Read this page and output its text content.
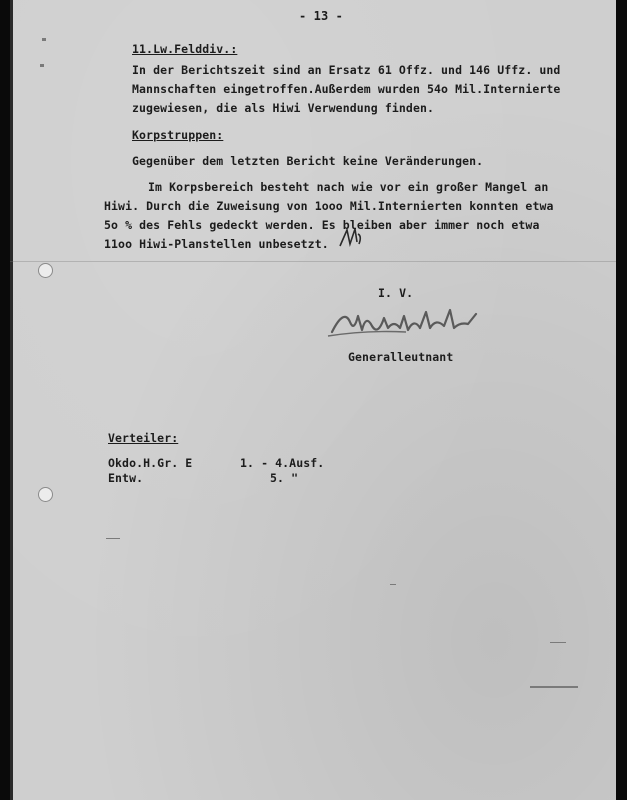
- 13 -
11.Lw.Felddiv.:
In der Berichtszeit sind an Ersatz 61 Offz. und 146 Uffz. und
Mannschaften eingetroffen.Außerdem wurden 54o Mil.Internierte
zugewiesen, die als Hiwi Verwendung finden.
Korpstruppen:
Gegenüber dem letzten Bericht keine Veränderungen.
Im Korpsbereich besteht nach wie vor ein großer Mangel an
Hiwi. Durch die Zuweisung von 1ooo Mil.Internierten konnten etwa
5o % des Fehls gedeckt werden. Es bleiben aber immer noch etwa
11oo Hiwi-Planstellen unbesetzt.
I. V.
Generalleutnant
Verteiler:
Okdo.H.Gr. E	1. - 4.Ausf.
Entw.	5. "
